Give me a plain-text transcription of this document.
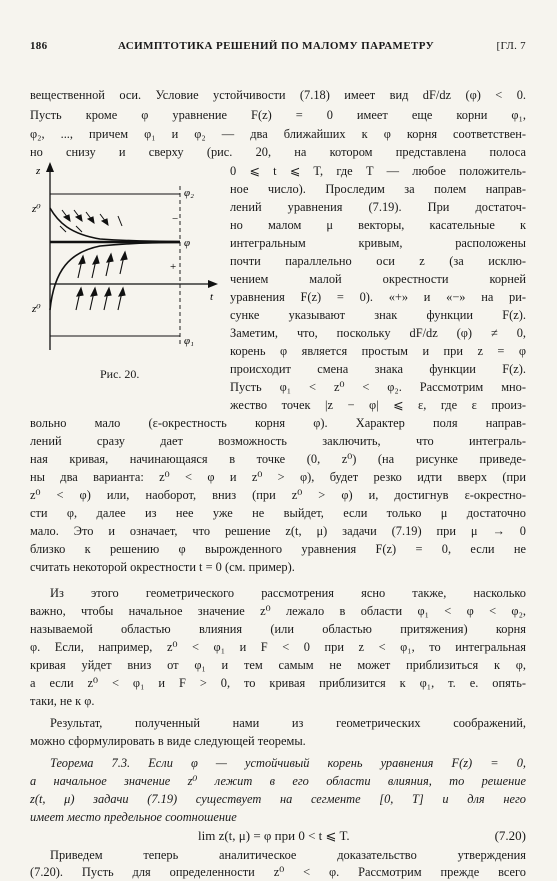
186	АСИМПТОТИКА РЕШЕНИЙ ПО МАЛОМУ ПАРАМЕТРУ	[ГЛ. 7
вещественной оси. Условие устойчивости (7.18) имеет вид dF/dz (φ) < 0.
Пусть кроме φ уравнение F(z) = 0 имеет еще корни φ₁,
φ₂, ..., причем φ₁ и φ₂ — два ближайших к φ корня соответствен-
но снизу и сверху (рис. 20, на котором представлена полоса
z
t
φ₂
φ
φ₁
−
+
z⁰
z⁰
Рис. 20.
0 ⩽ t ⩽ T, где T — любое положитель-
ное число). Проследим за полем направ-
лений уравнения (7.19). При достаточ-
но малом μ векторы, касательные к
интегральным кривым, расположены
почти параллельно оси z (за исклю-
чением малой окрестности корней
уравнения F(z) = 0). «+» и «−» на ри-
сунке указывают знак функции F(z).
Заметим, что, поскольку dF/dz (φ) ≠ 0,
корень φ является простым и при z = φ
происходит смена знака функции F(z).
Пусть φ₁ < z⁰ < φ₂. Рассмотрим мно-
жество точек |z − φ| ⩽ ε, где ε произ-
вольно мало (ε-окрестность корня φ). Характер поля направ-
лений сразу дает возможность заключить, что интеграль-
ная кривая, начинающаяся в точке (0, z⁰) (на рисунке приведе-
ны два варианта: z⁰ < φ и z⁰ > φ), будет резко идти вверх (при
z⁰ < φ) или, наоборот, вниз (при z⁰ > φ) и, достигнув ε-окрестно-
сти φ, далее из нее уже не выйдет, если только μ достаточно
мало. Это и означает, что решение z(t, μ) задачи (7.19) при μ → 0
близко к решению φ вырожденного уравнения F(z) = 0, если не
считать некоторой окрестности t = 0 (см. пример).
Из этого геометрического рассмотрения ясно также, насколько
важно, чтобы начальное значение z⁰ лежало в области φ₁ < φ < φ₂,
называемой областью влияния (или областью притяжения) корня
φ. Если, например, z⁰ < φ₁ и F < 0 при z < φ₁, то интегральная
кривая уйдет вниз от φ₁ и тем самым не может приблизиться к φ,
а если z⁰ < φ₁ и F > 0, то кривая приблизится к φ₁, т. е. опять-
таки, не к φ.
Результат, полученный нами из геометрических соображений,
можно сформулировать в виде следующей теоремы.
Теорема 7.3. Если φ — устойчивый корень уравнения F(z) = 0,
а начальное значение z⁰ лежит в его области влияния, то решение
z(t, μ) задачи (7.19) существует на сегменте [0, T] и для него
имеет место предельное соотношение
lim z(t, μ) = φ при 0 < t ⩽ T.	(7.20)
Приведем теперь аналитическое доказательство утверждения
(7.20). Пусть для определенности z⁰ < φ. Рассмотрим прежде всего
